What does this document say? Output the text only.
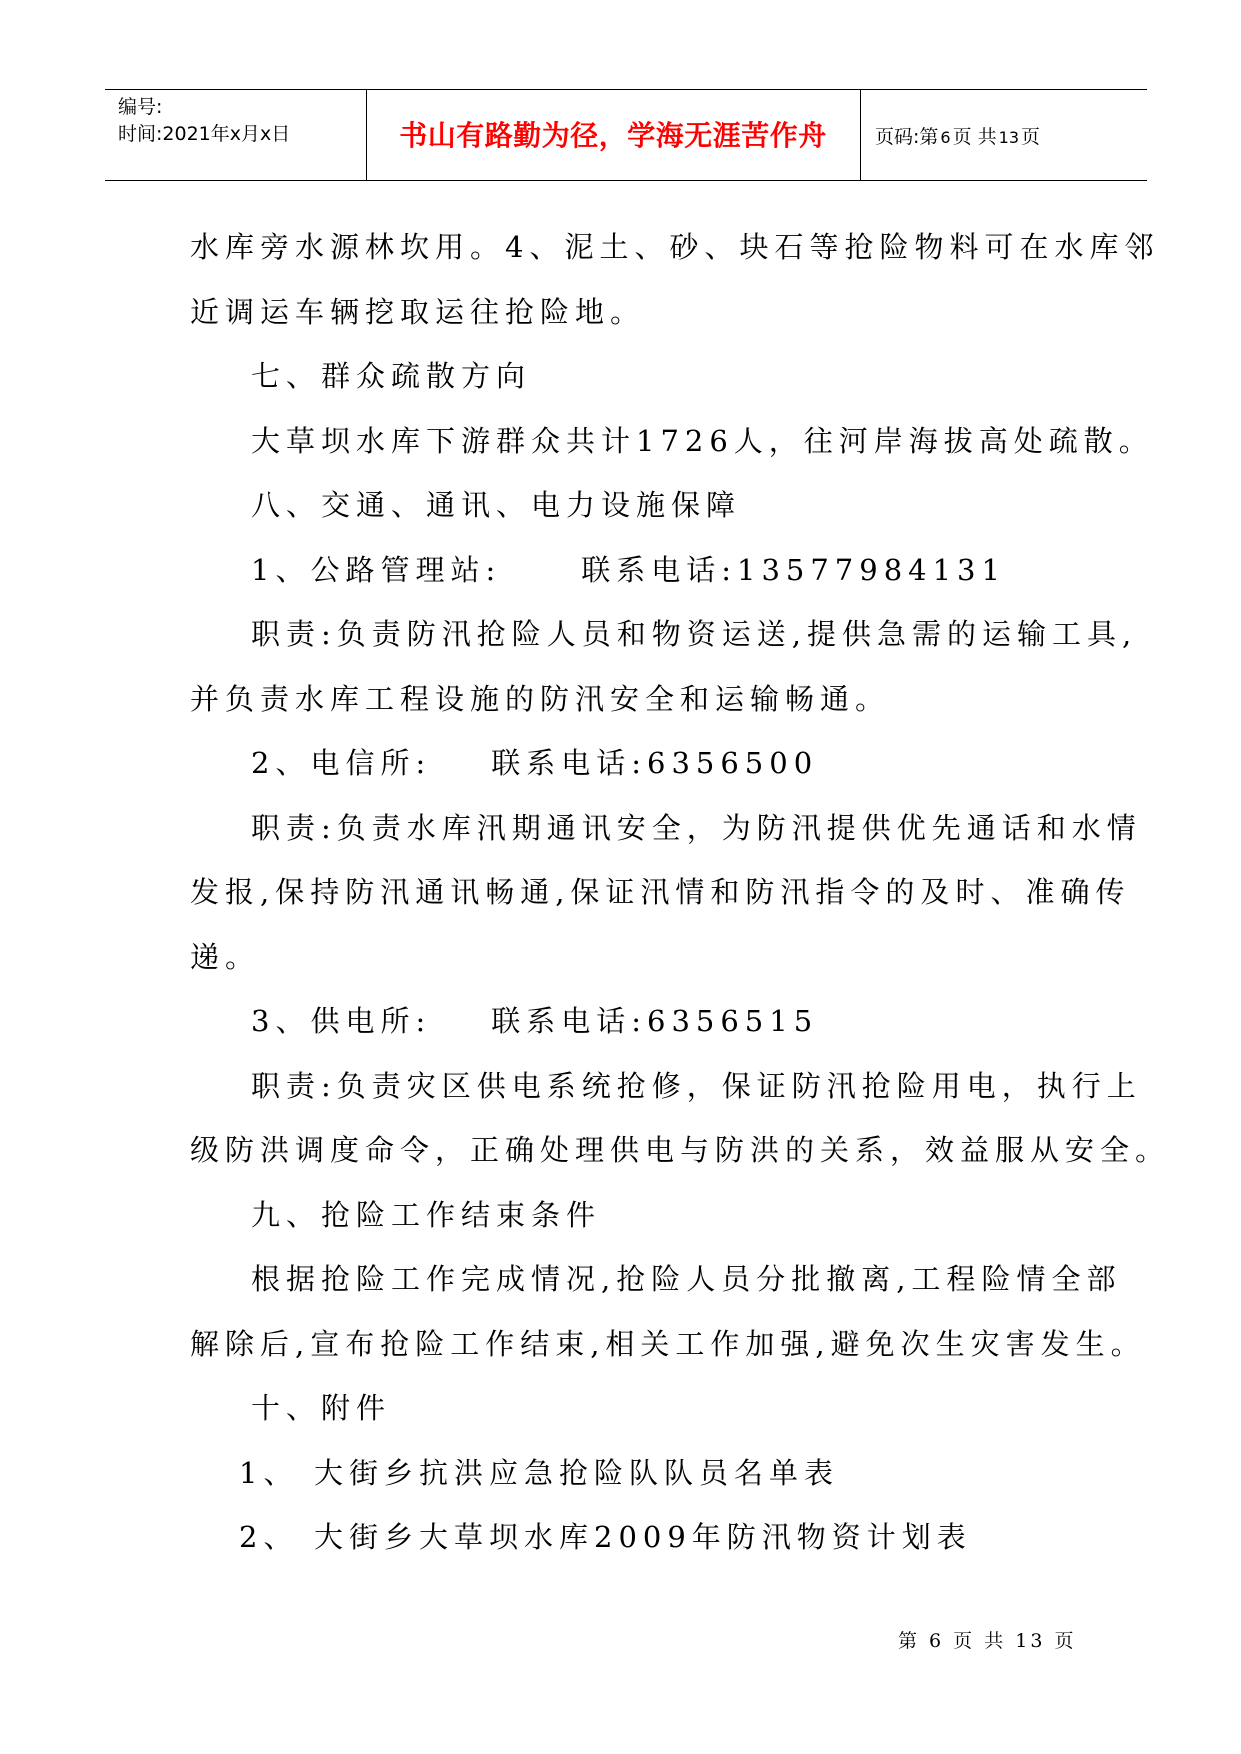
编号:
时间:2021年x月x日	书山有路勤为径，学海无涯苦作舟	页码:第 6 页 共 13 页

水库旁水源林坎用。4、泥土、砂、块石等抢险物料可在水库邻

近调运车辆挖取运往抢险地。

七、群众疏散方向

大草坝水库下游群众共计1726人，往河岸海拔高处疏散。

八、交通、通讯、电力设施保障

1、公路管理站:	联系电话:13577984131

职责:负责防汛抢险人员和物资运送,提供急需的运输工具,

并负责水库工程设施的防汛安全和运输畅通。

2、电信所: 联系电话:6356500

职责:负责水库汛期通讯安全，为防汛提供优先通话和水情

发报,保持防汛通讯畅通,保证汛情和防汛指令的及时、准确传

递。

3、供电所: 联系电话:6356515

职责:负责灾区供电系统抢修，保证防汛抢险用电，执行上

级防洪调度命令，正确处理供电与防洪的关系，效益服从安全。

九、抢险工作结束条件

根据抢险工作完成情况,抢险人员分批撤离,工程险情全部

解除后,宣布抢险工作结束,相关工作加强,避免次生灾害发生。

十、附件

1、 大街乡抗洪应急抢险队队员名单表

2、 大街乡大草坝水库2009年防汛物资计划表

第 6 页 共 13 页
